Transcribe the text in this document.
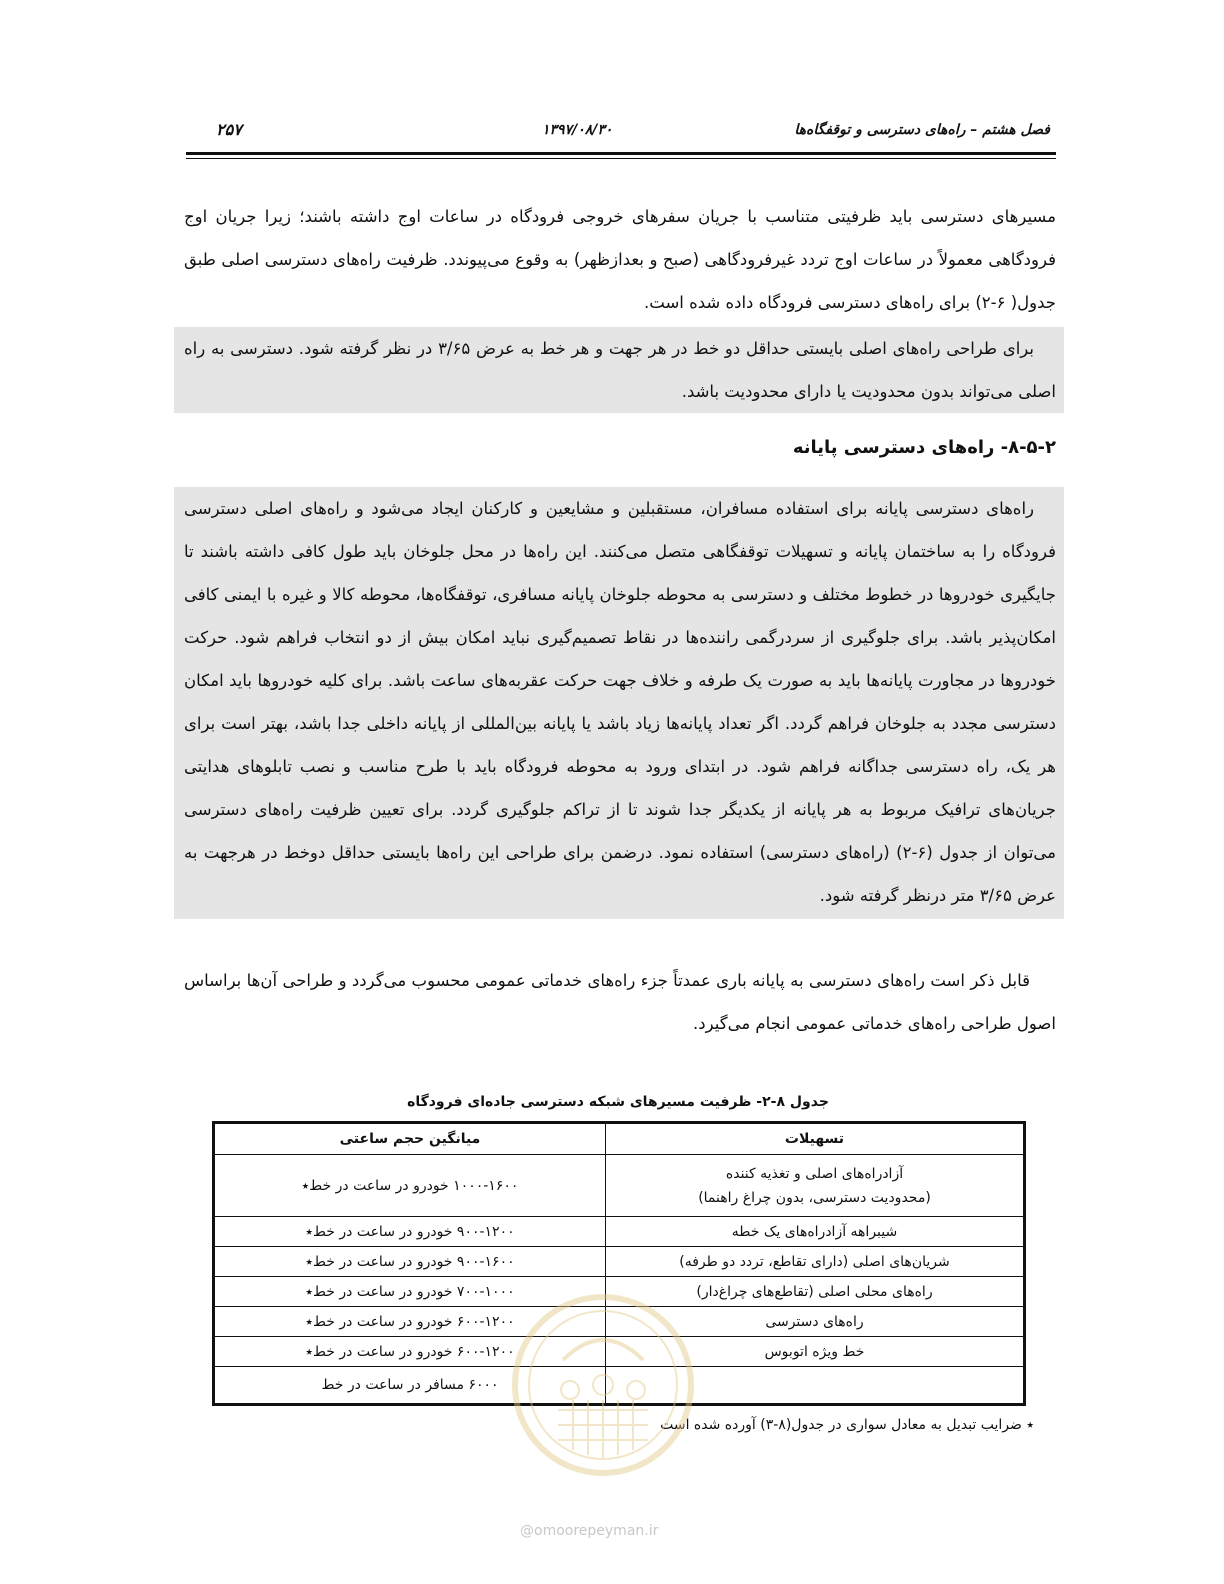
فصل هشتم – راه‌های دسترسی و توقفگاه‌ها
۱۳۹۷/۰۸/۳۰
۲۵۷
مسیرهای دسترسی باید ظرفیتی متناسب با جریان سفرهای خروجی فرودگاه در ساعات اوج داشته باشند؛ زیرا جریان اوج فرودگاهی معمولاً در ساعات اوج تردد غیرفرودگاهی (صبح و بعدازظهر) به وقوع می‌پیوندد. ظرفیت راه‌های دسترسی اصلی طبق جدول( ۶-۲) برای راه‌های دسترسی فرودگاه داده شده است.
برای طراحی راه‌های اصلی بایستی حداقل دو خط در هر جهت و هر خط به عرض ۳/۶۵ در نظر گرفته شود. دسترسی به راه اصلی می‌تواند بدون محدودیت یا دارای محدودیت باشد.
۸-۵-۲- راه‌های دسترسی پایانه
راه‌های دسترسی پایانه برای استفاده مسافران، مستقبلین و مشایعین و کارکنان ایجاد می‌شود و راه‌های اصلی دسترسی فرودگاه را به ساختمان پایانه و تسهیلات توقفگاهی متصل می‌کنند. این راه‌ها در محل جلوخان باید طول کافی داشته باشند تا جایگیری خودروها در خطوط مختلف و دسترسی به محوطه جلوخان پایانه مسافری، توقفگاه‌ها، محوطه کالا و غیره با ایمنی کافی امکان‌پذیر باشد. برای جلوگیری از سردرگمی راننده‌ها در نقاط تصمیم‌گیری نباید امکان بیش از دو انتخاب فراهم شود. حرکت خودروها در مجاورت پایانه‌ها باید به صورت یک طرفه و خلاف جهت حرکت عقربه‌های ساعت باشد. برای کلیه خودروها باید امکان دسترسی مجدد به جلوخان فراهم گردد. اگر تعداد پایانه‌ها زیاد باشد یا پایانه بین‌المللی از پایانه داخلی جدا باشد، بهتر است برای هر یک، راه دسترسی جداگانه فراهم شود. در ابتدای ورود به محوطه فرودگاه باید با طرح مناسب و نصب تابلوهای هدایتی جریان‌های ترافیک مربوط به هر پایانه از یکدیگر جدا شوند تا از تراکم جلوگیری گردد. برای تعیین ظرفیت راه‌های دسترسی می‌توان از جدول (۶-۲) (راه‌های دسترسی) استفاده نمود. درضمن برای طراحی این راه‌ها بایستی حداقل دوخط در هرجهت به عرض ۳/۶۵ متر درنظر گرفته شود.
قابل ذکر است راه‌های دسترسی به پایانه باری عمدتاً جزء راه‌های خدماتی عمومی محسوب می‌گردد و طراحی آن‌ها براساس اصول طراحی راه‌های خدماتی عمومی انجام می‌گیرد.
جدول ۸-۲- ظرفیت مسیرهای شبکه دسترسی جاده‌ای فرودگاه
تسهیلات	میانگین حجم ساعتی

آزادراه‌های اصلی و تغذیه کننده
(محدودیت دسترسی، بدون چراغ راهنما)	۱۰۰۰-۱۶۰۰ خودرو در ساعت در خط٭
شیبراهه آزادراه‌های یک خطه	۹۰۰-۱۲۰۰ خودرو در ساعت در خط٭
شریان‌های اصلی (دارای تقاطع، تردد دو طرفه)	۹۰۰-۱۶۰۰ خودرو در ساعت در خط٭
راه‌های محلی اصلی (تقاطع‌های چراغ‌دار)	۷۰۰-۱۰۰۰ خودرو در ساعت در خط٭
راه‌های دسترسی	۶۰۰-۱۲۰۰ خودرو در ساعت در خط٭
خط ویژه اتوبوس	۶۰۰-۱۲۰۰ خودرو در ساعت در خط٭
	۶۰۰۰ مسافر در ساعت در خط
٭ ضرایب تبدیل به معادل سواری در جدول(۸-۳) آورده شده است
@omoorepeyman.ir
